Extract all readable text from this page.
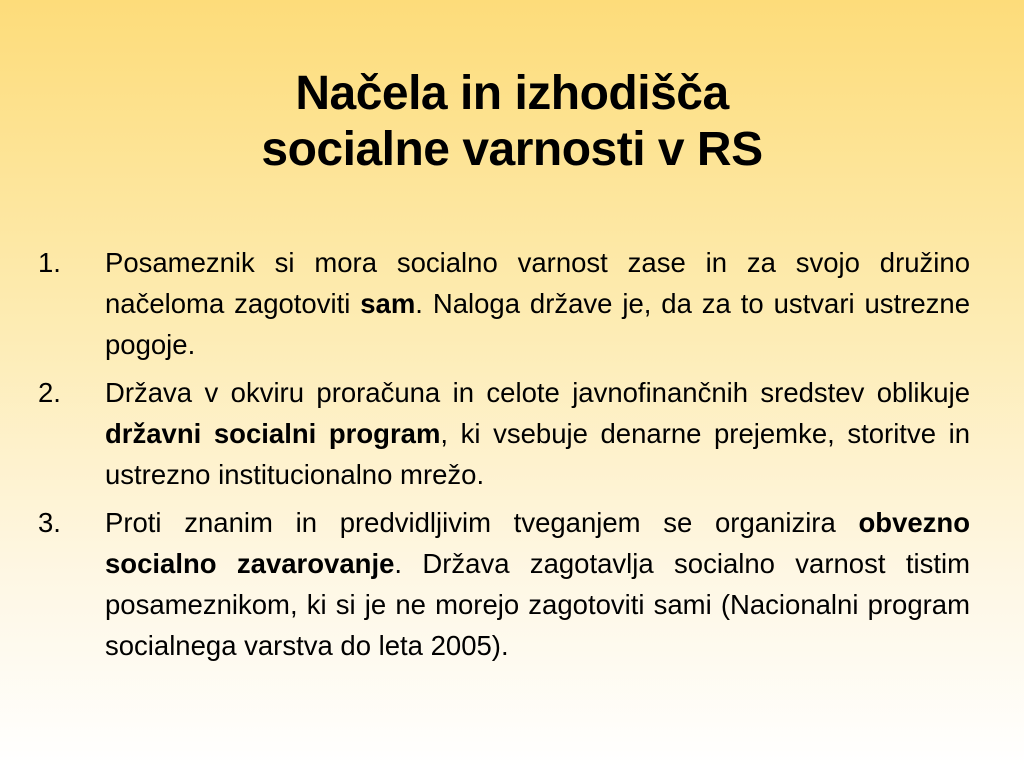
Načela in izhodišča
socialne varnosti v RS
1. Posameznik si mora socialno varnost zase in za svojo družino načeloma zagotoviti sam. Naloga države je, da za to ustvari ustrezne pogoje.
2. Država v okviru proračuna in celote javnofinančnih sredstev oblikuje državni socialni program, ki vsebuje denarne prejemke, storitve in ustrezno institucionalno mrežo.
3. Proti znanim in predvidljivim tveganjem se organizira obvezno socialno zavarovanje. Država zagotavlja socialno varnost tistim posameznikom, ki si je ne morejo zagotoviti sami (Nacionalni program socialnega varstva do leta 2005).
